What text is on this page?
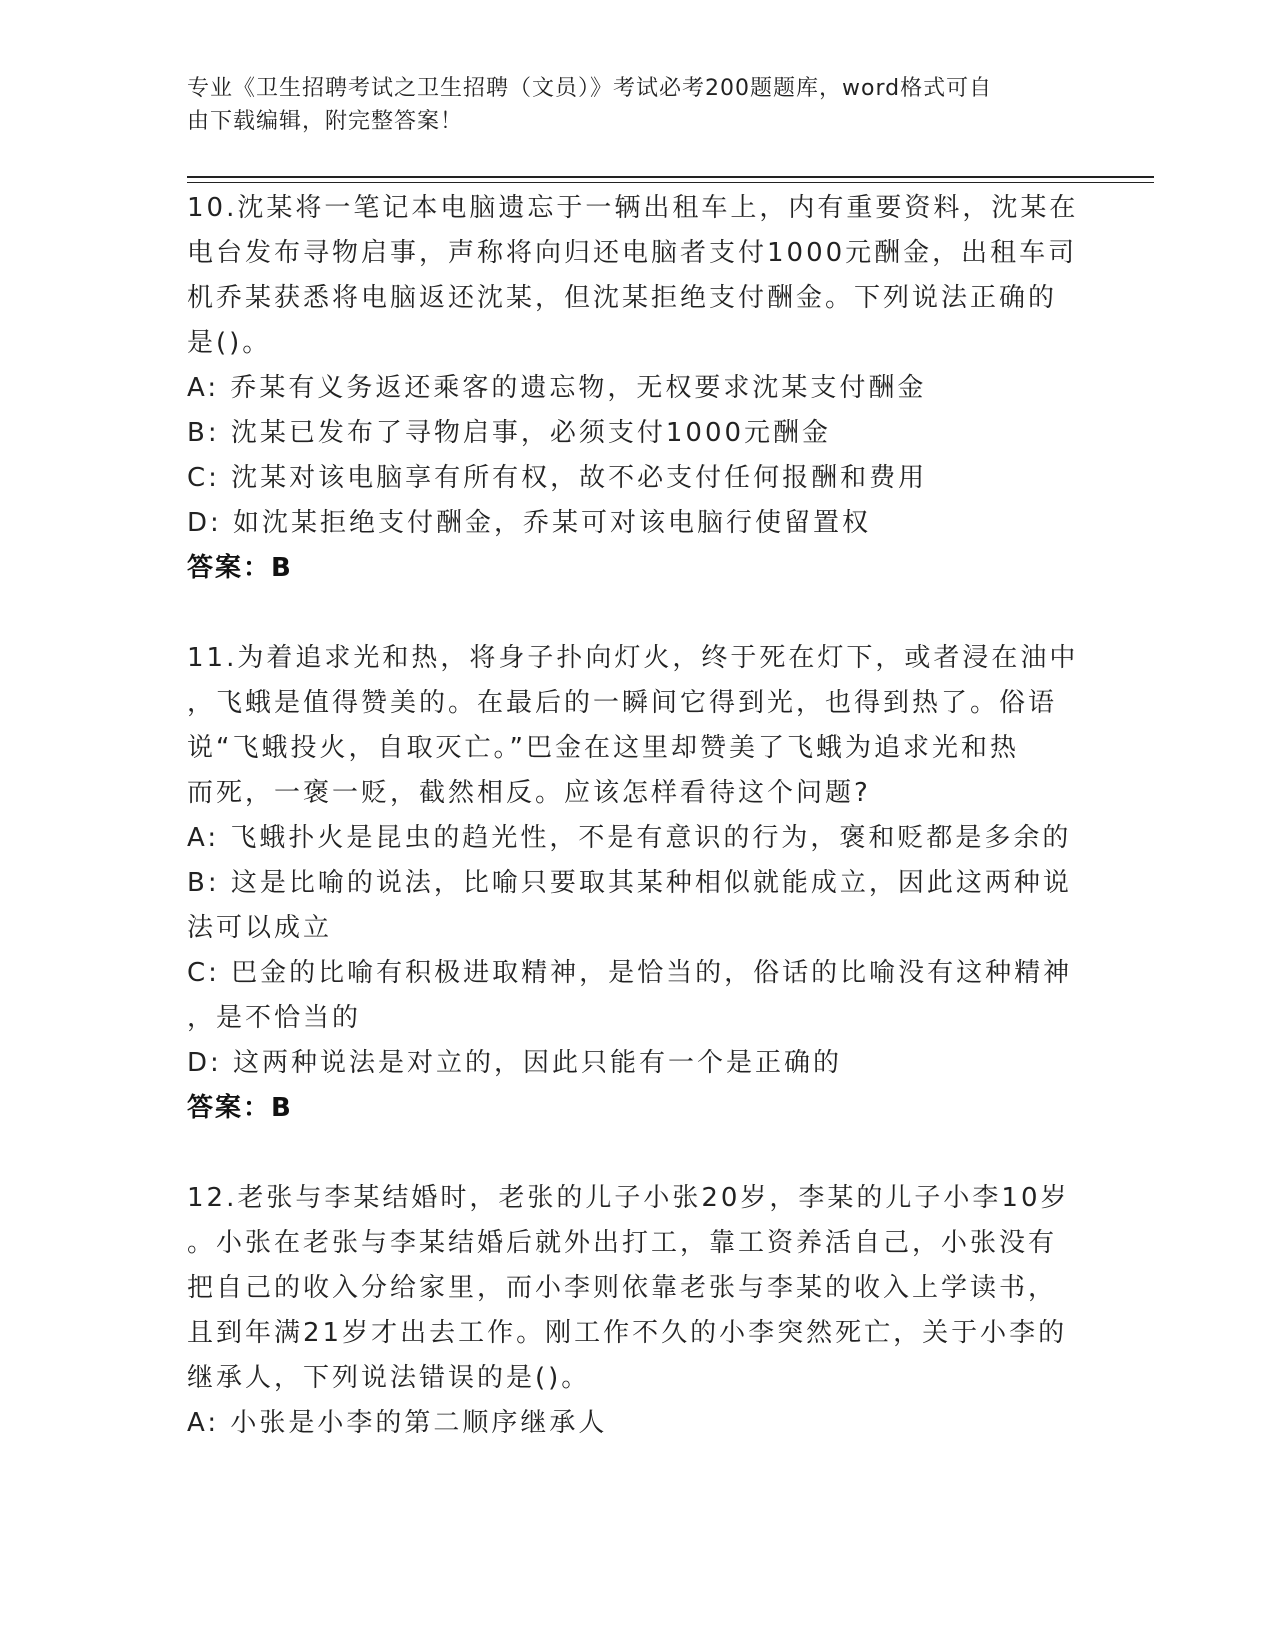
专业《卫生招聘考试之卫生招聘（文员）》考试必考200题题库，word格式可自
由下载编辑，附完整答案！
10.沈某将一笔记本电脑遗忘于一辆出租车上，内有重要资料，沈某在
电台发布寻物启事，声称将向归还电脑者支付1000元酬金，出租车司
机乔某获悉将电脑返还沈某，但沈某拒绝支付酬金。下列说法正确的
是()。
A: 乔某有义务返还乘客的遗忘物，无权要求沈某支付酬金
B: 沈某已发布了寻物启事，必须支付1000元酬金
C: 沈某对该电脑享有所有权，故不必支付任何报酬和费用
D: 如沈某拒绝支付酬金，乔某可对该电脑行使留置权
答案：B
11.为着追求光和热，将身子扑向灯火，终于死在灯下，或者浸在油中
，飞蛾是值得赞美的。在最后的一瞬间它得到光，也得到热了。俗语
说“飞蛾投火，自取灭亡。”巴金在这里却赞美了飞蛾为追求光和热
而死，一褒一贬，截然相反。应该怎样看待这个问题?
A: 飞蛾扑火是昆虫的趋光性，不是有意识的行为，褒和贬都是多余的
B: 这是比喻的说法，比喻只要取其某种相似就能成立，因此这两种说
法可以成立
C: 巴金的比喻有积极进取精神，是恰当的，俗话的比喻没有这种精神
，是不恰当的
D: 这两种说法是对立的，因此只能有一个是正确的
答案：B
12.老张与李某结婚时，老张的儿子小张20岁，李某的儿子小李10岁
。小张在老张与李某结婚后就外出打工，靠工资养活自己，小张没有
把自己的收入分给家里，而小李则依靠老张与李某的收入上学读书，
且到年满21岁才出去工作。刚工作不久的小李突然死亡，关于小李的
继承人，下列说法错误的是()。
A: 小张是小李的第二顺序继承人
